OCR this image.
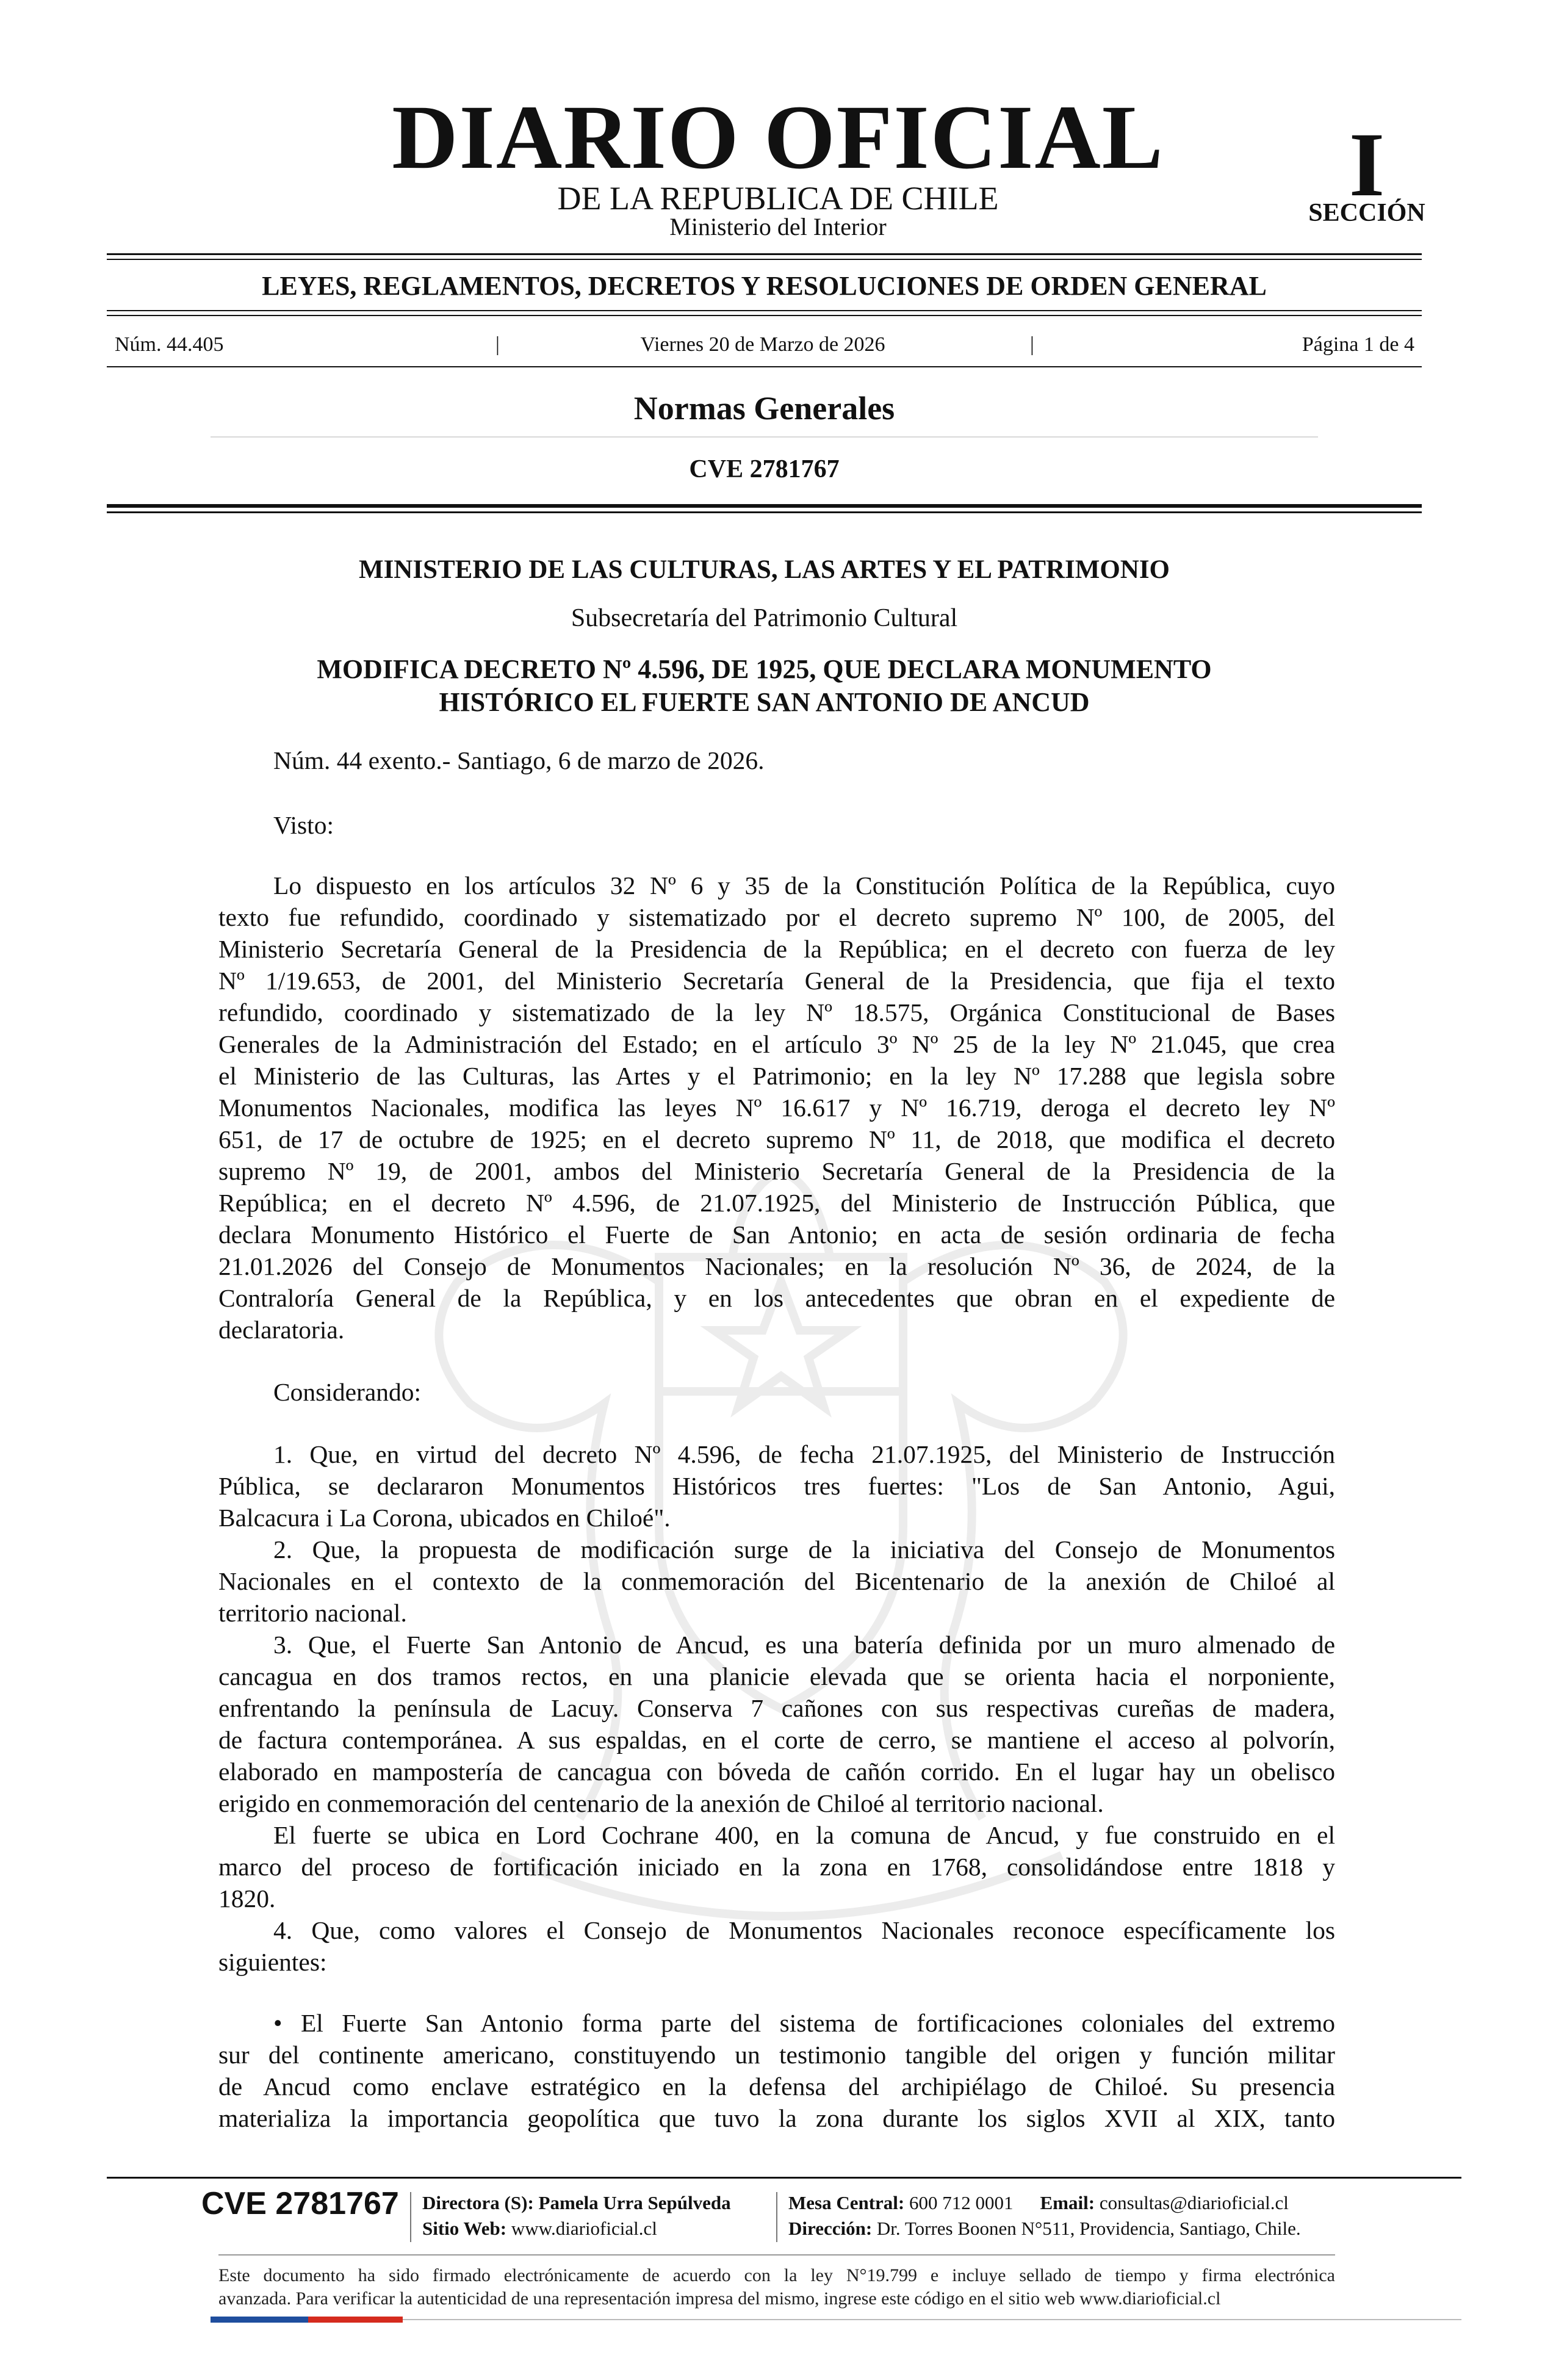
DIARIO OFICIAL
DE LA REPUBLICA DE CHILE
Ministerio del Interior
I
SECCIÓN
LEYES, REGLAMENTOS, DECRETOS Y RESOLUCIONES DE ORDEN GENERAL
Núm. 44.405	|	Viernes 20 de Marzo de 2026	|	Página 1 de 4
Normas Generales
CVE 2781767
MINISTERIO DE LAS CULTURAS, LAS ARTES Y EL PATRIMONIO
Subsecretaría del Patrimonio Cultural
MODIFICA DECRETO Nº 4.596, DE 1925, QUE DECLARA MONUMENTO
HISTÓRICO EL FUERTE SAN ANTONIO DE ANCUD
Núm. 44 exento.- Santiago, 6 de marzo de 2026.
Visto:
Lo dispuesto en los artículos 32 Nº 6 y 35 de la Constitución Política de la República, cuyo
texto fue refundido, coordinado y sistematizado por el decreto supremo Nº 100, de 2005, del
Ministerio Secretaría General de la Presidencia de la República; en el decreto con fuerza de ley
Nº 1/19.653, de 2001, del Ministerio Secretaría General de la Presidencia, que fija el texto
refundido, coordinado y sistematizado de la ley Nº 18.575, Orgánica Constitucional de Bases
Generales de la Administración del Estado; en el artículo 3º Nº 25 de la ley Nº 21.045, que crea
el Ministerio de las Culturas, las Artes y el Patrimonio; en la ley Nº 17.288 que legisla sobre
Monumentos Nacionales, modifica las leyes Nº 16.617 y Nº 16.719, deroga el decreto ley Nº
651, de 17 de octubre de 1925; en el decreto supremo Nº 11, de 2018, que modifica el decreto
supremo Nº 19, de 2001, ambos del Ministerio Secretaría General de la Presidencia de la
República; en el decreto Nº 4.596, de 21.07.1925, del Ministerio de Instrucción Pública, que
declara Monumento Histórico el Fuerte de San Antonio; en acta de sesión ordinaria de fecha
21.01.2026 del Consejo de Monumentos Nacionales; en la resolución Nº 36, de 2024, de la
Contraloría General de la República, y en los antecedentes que obran en el expediente de
declaratoria.
Considerando:
1. Que, en virtud del decreto Nº 4.596, de fecha 21.07.1925, del Ministerio de Instrucción
Pública, se declararon Monumentos Históricos tres fuertes: "Los de San Antonio, Agui,
Balcacura i La Corona, ubicados en Chiloé".
2. Que, la propuesta de modificación surge de la iniciativa del Consejo de Monumentos
Nacionales en el contexto de la conmemoración del Bicentenario de la anexión de Chiloé al
territorio nacional.
3. Que, el Fuerte San Antonio de Ancud, es una batería definida por un muro almenado de
cancagua en dos tramos rectos, en una planicie elevada que se orienta hacia el norponiente,
enfrentando la península de Lacuy. Conserva 7 cañones con sus respectivas cureñas de madera,
de factura contemporánea. A sus espaldas, en el corte de cerro, se mantiene el acceso al polvorín,
elaborado en mampostería de cancagua con bóveda de cañón corrido. En el lugar hay un obelisco
erigido en conmemoración del centenario de la anexión de Chiloé al territorio nacional.
El fuerte se ubica en Lord Cochrane 400, en la comuna de Ancud, y fue construido en el
marco del proceso de fortificación iniciado en la zona en 1768, consolidándose entre 1818 y
1820.
4. Que, como valores el Consejo de Monumentos Nacionales reconoce específicamente los
siguientes:
• El Fuerte San Antonio forma parte del sistema de fortificaciones coloniales del extremo
sur del continente americano, constituyendo un testimonio tangible del origen y función militar
de Ancud como enclave estratégico en la defensa del archipiélago de Chiloé. Su presencia
materializa la importancia geopolítica que tuvo la zona durante los siglos XVII al XIX, tanto
CVE 2781767 Directora (S): Pamela Urra Sepúlveda
Sitio Web: www.diarioficial.cl
Mesa Central: 600 712 0001 Email: consultas@diarioficial.cl
Dirección: Dr. Torres Boonen N°511, Providencia, Santiago, Chile.
Este documento ha sido firmado electrónicamente de acuerdo con la ley N°19.799 e incluye sellado de tiempo y firma electrónica
avanzada. Para verificar la autenticidad de una representación impresa del mismo, ingrese este código en el sitio web www.diarioficial.cl
